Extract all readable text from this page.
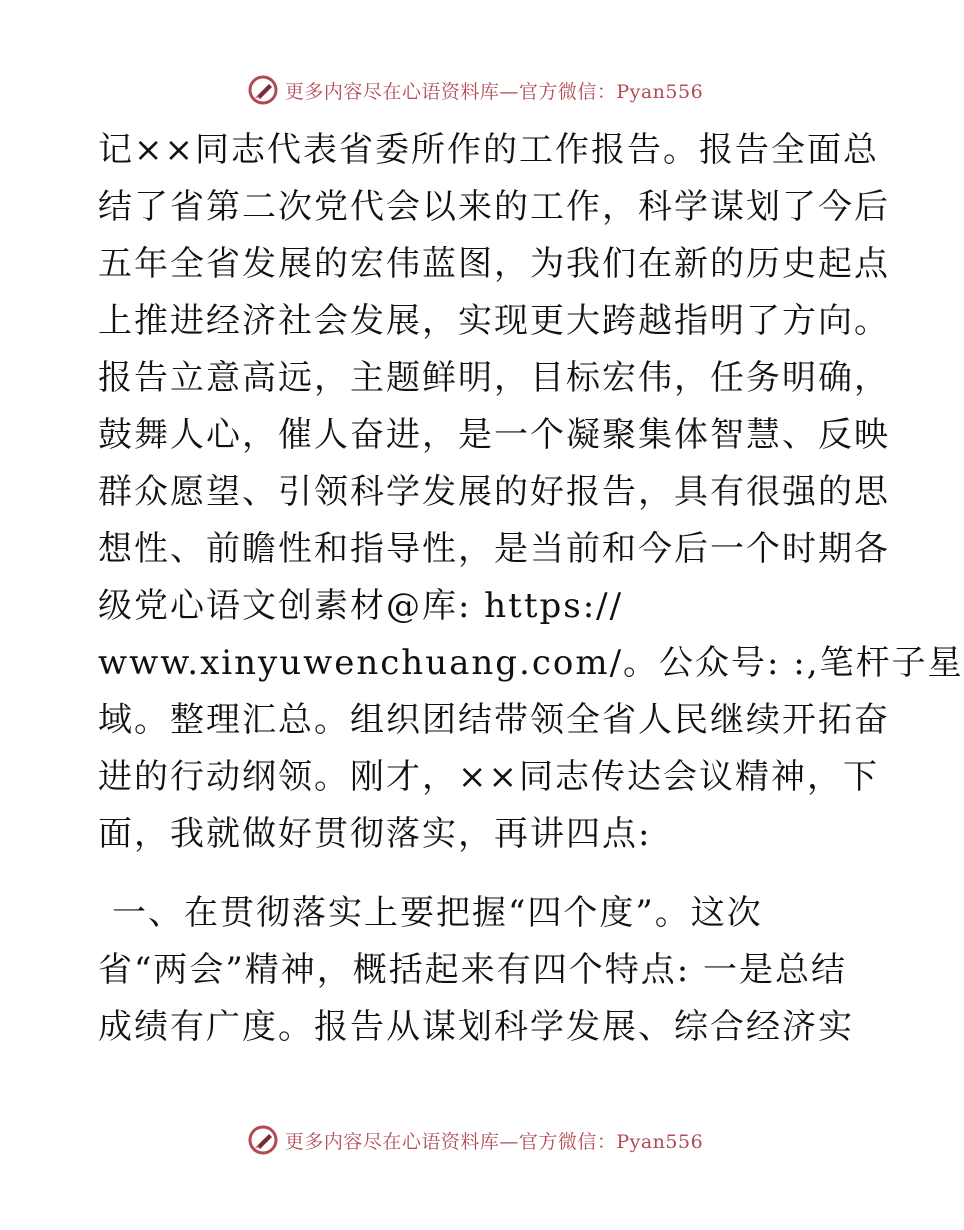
更多内容尽在心语资料库—官方微信：Pyan556
记××同志代表省委所作的工作报告。报告全面总
结了省第二次党代会以来的工作，科学谋划了今后
五年全省发展的宏伟蓝图，为我们在新的历史起点
上推进经济社会发展，实现更大跨越指明了方向。
报告立意高远，主题鲜明，目标宏伟，任务明确，
鼓舞人心，催人奋进，是一个凝聚集体智慧、反映
群众愿望、引领科学发展的好报告，具有很强的思
想性、前瞻性和指导性，是当前和今后一个时期各
级党心语文创素材@库: https://
www.xinyuwenchuang.com/。公众号: :,笔杆子星
域。整理汇总。组织团结带领全省人民继续开拓奋
进的行动纲领。刚才，××同志传达会议精神，下
面，我就做好贯彻落实，再讲四点:
一、在贯彻落实上要把握“四个度”。这次
省“两会”精神，概括起来有四个特点: 一是总结
成绩有广度。报告从谋划科学发展、综合经济实
更多内容尽在心语资料库—官方微信：Pyan556
